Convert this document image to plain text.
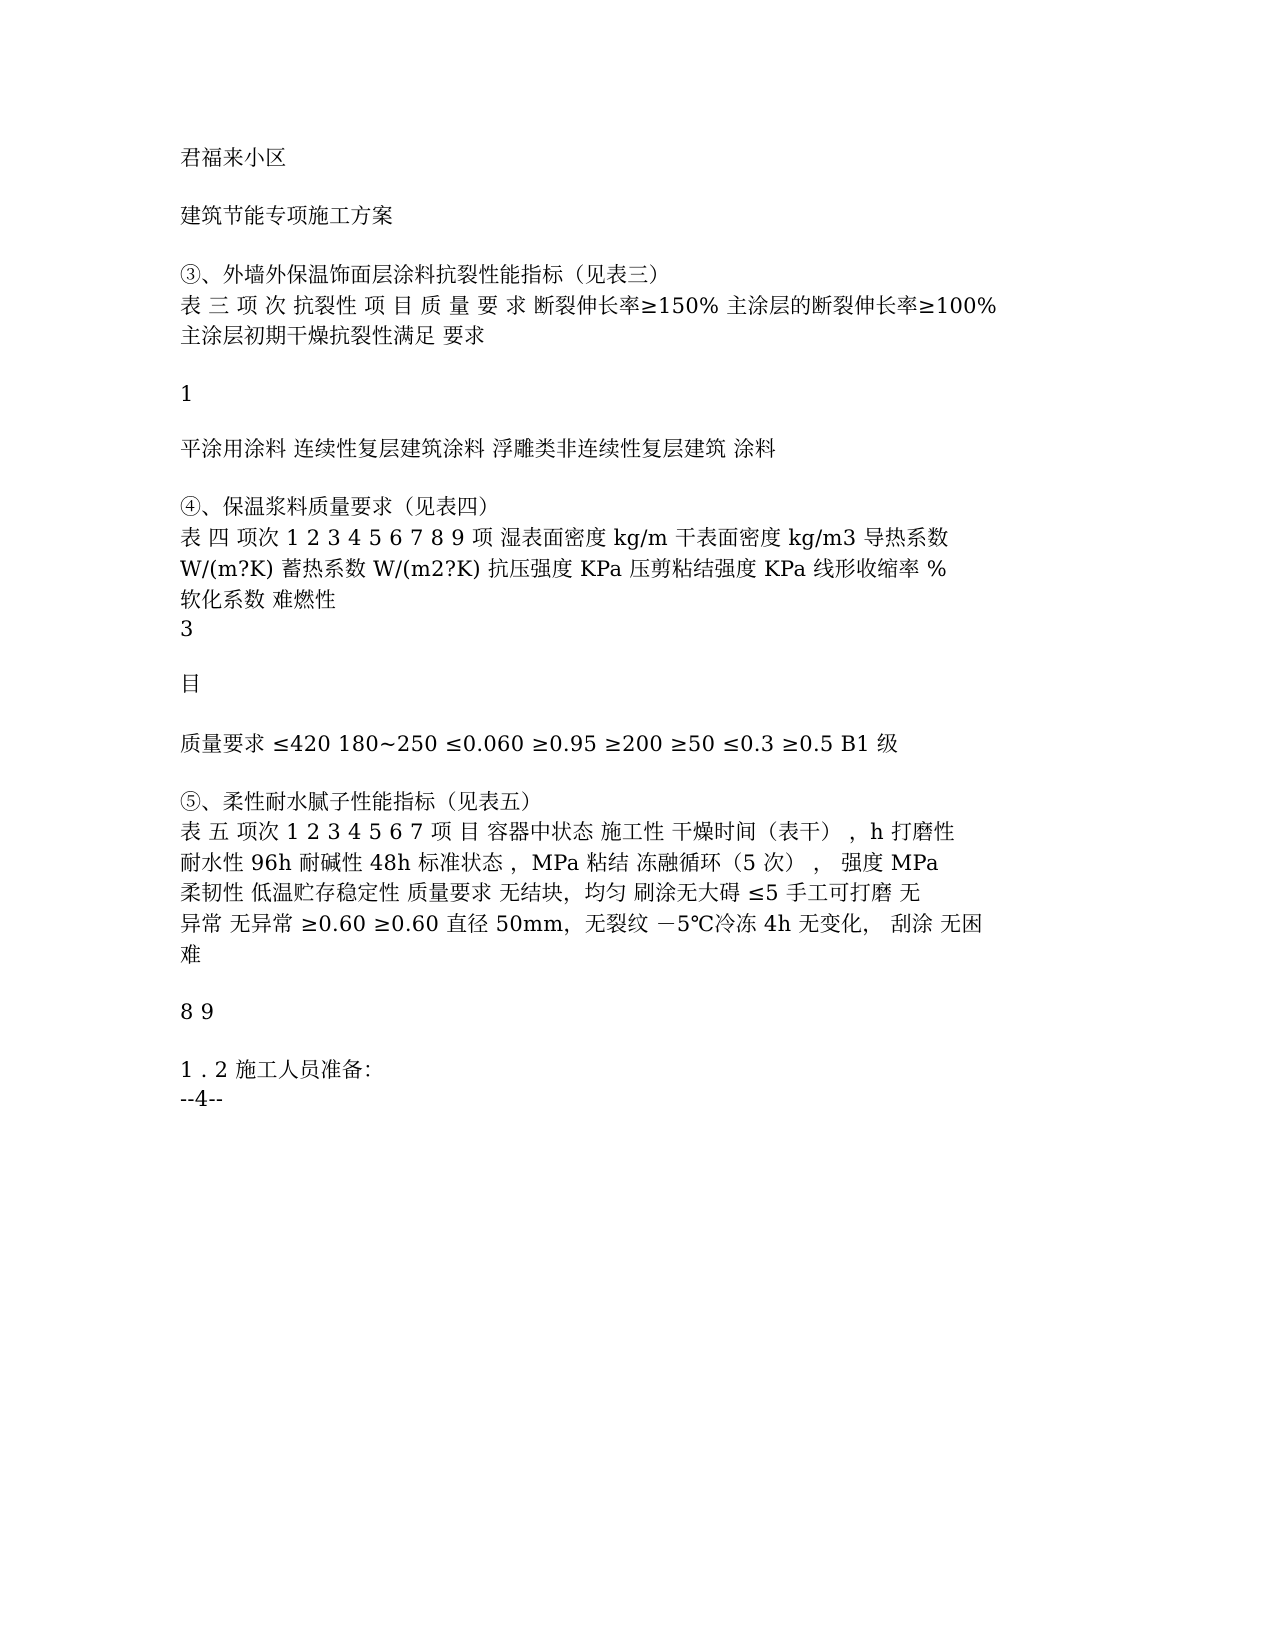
君福来小区
建筑节能专项施工方案
③、外墙外保温饰面层涂料抗裂性能指标（见表三）
表 三 项 次 抗裂性 项 目 质 量 要 求 断裂伸长率≥150% 主涂层的断裂伸长率≥100%
主涂层初期干燥抗裂性满足 要求
1
平涂用涂料 连续性复层建筑涂料 浮雕类非连续性复层建筑 涂料
④、保温浆料质量要求（见表四）
表 四 项次 1 2 3 4 5 6 7 8 9 项 湿表面密度 kg/m 干表面密度 kg/m3 导热系数
W/(m?K) 蓄热系数 W/(m2?K) 抗压强度 KPa 压剪粘结强度 KPa 线形收缩率 %
软化系数 难燃性
3
目
质量要求 ≤420 180~250 ≤0.060 ≥0.95 ≥200 ≥50 ≤0.3 ≥0.5 B1 级
⑤、柔性耐水腻子性能指标（见表五）
表 五 项次 1 2 3 4 5 6 7 项 目 容器中状态 施工性 干燥时间（表干） ，h 打磨性
耐水性 96h 耐碱性 48h 标准状态 ，MPa 粘结 冻融循环（5 次） ， 强度 MPa
柔韧性 低温贮存稳定性 质量要求 无结块，均匀 刷涂无大碍 ≤5 手工可打磨 无
异常 无异常 ≥0.60 ≥0.60 直径 50mm，无裂纹 －5℃冷冻 4h 无变化， 刮涂 无困
难
8 9
1 . 2 施工人员准备：
--4--
